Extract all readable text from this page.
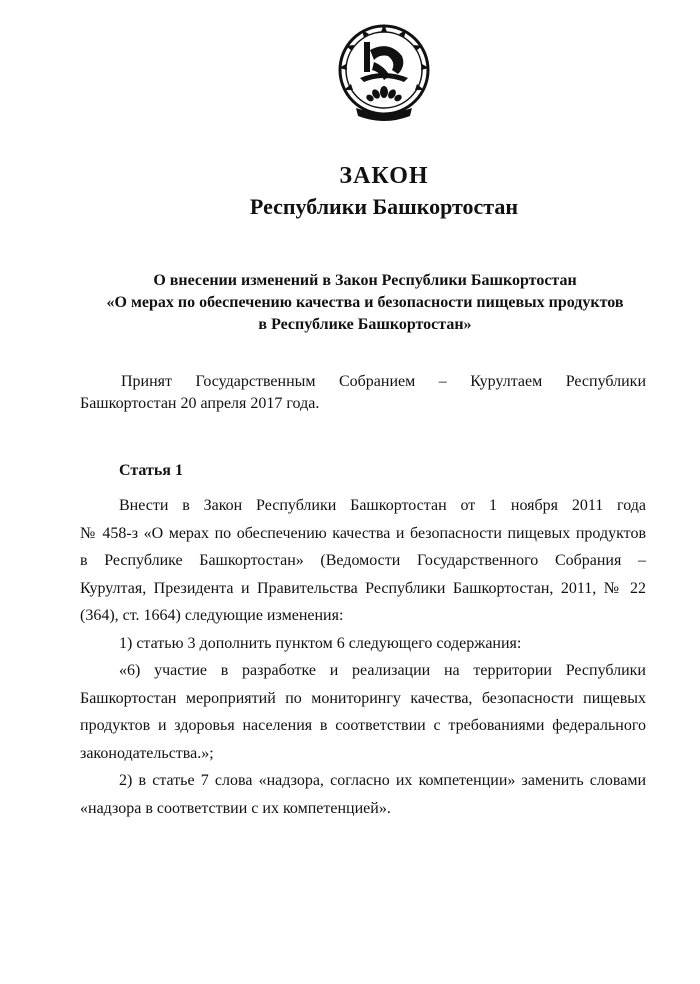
ЗАКОН
Республики Башкортостан
О внесении изменений в Закон Республики Башкортостан
«О мерах по обеспечению качества и безопасности пищевых продуктов
в Республике Башкортостан»
Принят Государственным Собранием – Курултаем Республики
Башкортостан 20 апреля 2017 года.
Статья 1
Внести в Закон Республики Башкортостан от 1 ноября 2011 года
№ 458-з «О мерах по обеспечению качества и безопасности пищевых продуктов
в Республике Башкортостан» (Ведомости Государственного Собрания –
Курултая, Президента и Правительства Республики Башкортостан, 2011, № 22
(364), ст. 1664) следующие изменения:
1) статью 3 дополнить пунктом 6 следующего содержания:
«6) участие в разработке и реализации на территории Республики
Башкортостан мероприятий по мониторингу качества, безопасности пищевых
продуктов и здоровья населения в соответствии с требованиями федерального
законодательства.»;
2) в статье 7 слова «надзора, согласно их компетенции» заменить словами
«надзора в соответствии с их компетенцией».
